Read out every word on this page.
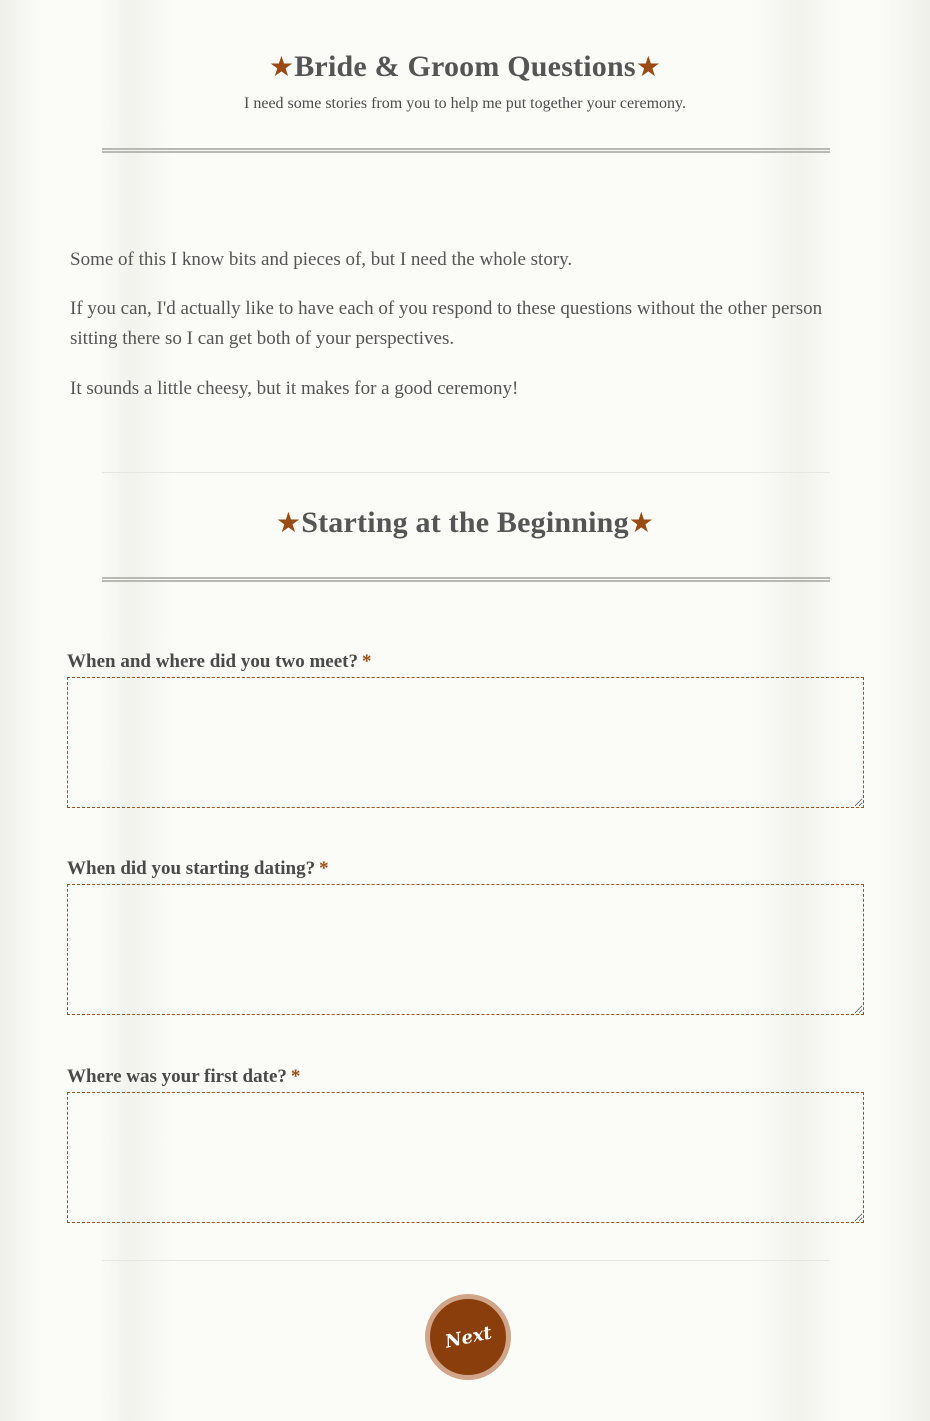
★Bride & Groom Questions★
I need some stories from you to help me put together your ceremony.

Some of this I know bits and pieces of, but I need the whole story.

If you can, I'd actually like to have each of you respond to these questions without the other person sitting there so I can get both of your perspectives.

It sounds a little cheesy, but it makes for a good ceremony!

★Starting at the Beginning★
When and where did you two meet? *
When did you starting dating? *
Where was your first date? *
Next
